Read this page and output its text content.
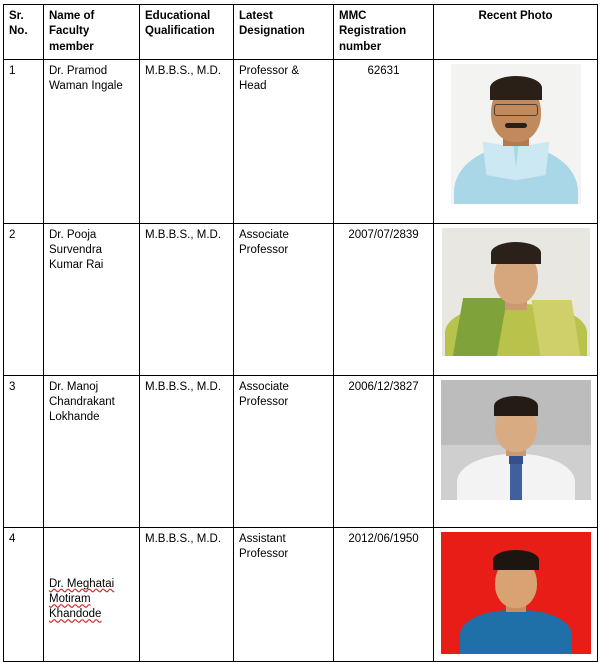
Sr.
No.	Name of
Faculty
member	Educational
Qualification	Latest
Designation	MMC
Registration
number	Recent Photo
1	Dr. Pramod Waman Ingale	M.B.B.S., M.D.	Professor & Head	62631	

2	Dr. Pooja Survendra Kumar Rai	M.B.B.S., M.D.	Associate Professor	2007/07/2839	

3	Dr. Manoj Chandrakant Lokhande	M.B.B.S., M.D.	Associate Professor	2006/12/3827	

4	Dr. Meghatai Motiram Khandode	M.B.B.S., M.D.	Assistant Professor	2012/06/1950	
